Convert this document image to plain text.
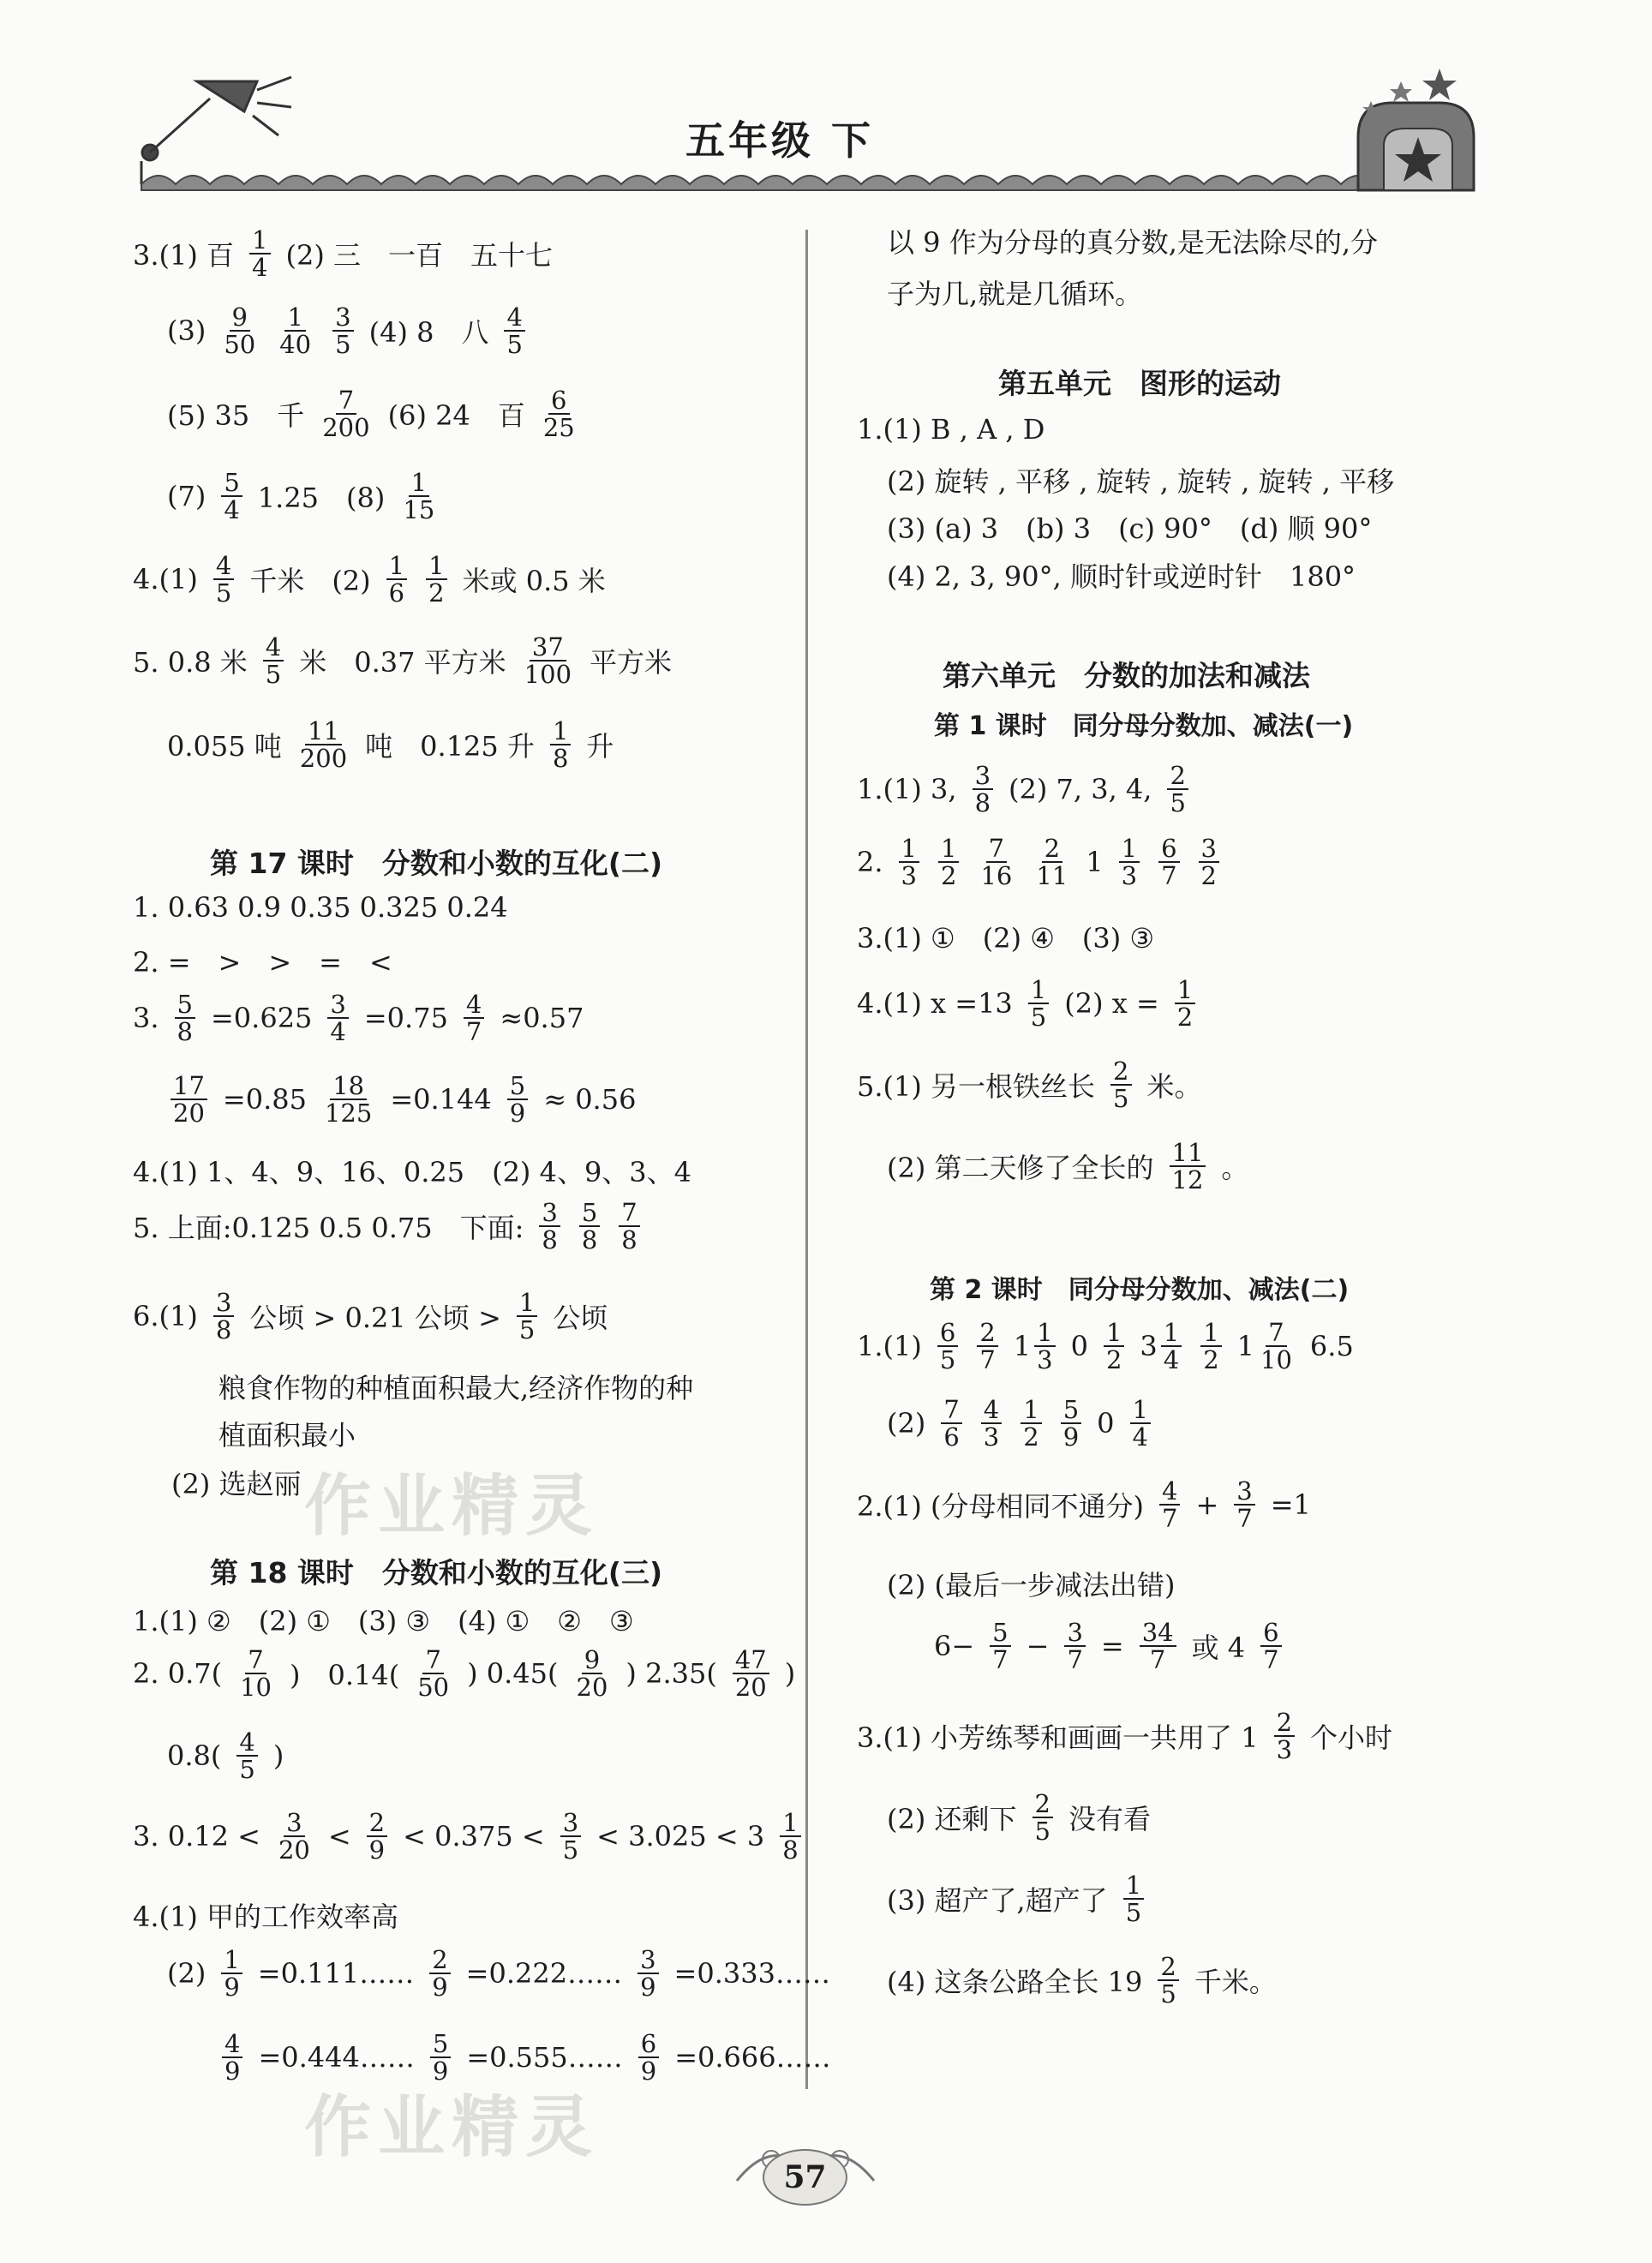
五年级 下
3.(1) 百 $\frac{1}{4} (2)$ 三　一百　五十七
$(3) \frac{9}{50} \frac{1}{40} \frac{3}{5} (4)$ 8　八 $\frac{4}{5}$
(5) 35　千 $\frac{7}{200} (6)$ 24　百 $\frac{6}{25}$
$(7) \frac{5}{4} 1.25$　$(8) \frac{1}{15}$
$4.(1) \frac{4}{5}$ 千米　$(2) \frac{1}{6} \frac{1}{2}$ 米或 0.5 米
5. 0.8 米 $\frac{4}{5}$ 米　0.37 平方米 $\frac{37}{100}$ 平方米
0.055 吨 $\frac{11}{200}$ 吨　0.125 升 $\frac{1}{8}$ 升
第 17 课时　分数和小数的互化(二)
1. 0.63 0.9 0.35 0.325 0.24
2. =　>　>　=　<
3. $\frac{5}{8} =0.625 \frac{3}{4} =0.75 \frac{4}{7} \approx 0.57$
$\frac{17}{20} =0.85 \frac{18}{125} =0.144 \frac{5}{9} \approx 0.56$
4.(1) 1、4、9、16、0.25　(2) 4、9、3、4
5. 上面:0.125 0.5 0.75　下面: $\frac{3}{8} \frac{5}{8} \frac{7}{8}$
$6.(1) \frac{3}{8}$ 公顷 > 0.21 公顷 > $\frac{1}{5}$ 公顷
粮食作物的种植面积最大,经济作物的种
植面积最小
(2) 选赵丽
第 18 课时　分数和小数的互化(三)
1.(1) ②　(2) ①　(3) ③　(4) ①　②　③
2. $0.7( \frac{7}{10}$ )　$0.14( \frac{7}{50}$ ) $0.45( \frac{9}{20}$ ) $2.35( \frac{47}{20}$ )
$0.8( \frac{4}{5}$ )
3. $0.12 < \frac{3}{20} < \frac{2}{9} < 0.375 < \frac{3}{5} < 3.025 < 3 \frac{1}{8}$
4.(1) 甲的工作效率高
$(2) \frac{1}{9}$ =0.111…… $\frac{2}{9}$ =0.222…… $\frac{3}{9}$ =0.333……
$\frac{4}{9}$ =0.444…… $\frac{5}{9}$ =0.555…… $\frac{6}{9}$ =0.666……
以 9 作为分母的真分数,是无法除尽的,分
子为几,就是几循环。
第五单元　图形的运动
1.(1) B , A , D
(2) 旋转 , 平移 , 旋转 , 旋转 , 旋转 , 平移
(3) (a) 3　(b) 3　(c) 90°　(d) 顺 90°
(4) 2, 3, 90°, 顺时针或逆时针　180°
第六单元　分数的加法和减法
第 1 课时　同分母分数加、减法(一)
1.(1) 3, $\frac{3}{8} (2)$ 7, 3, 4, $\frac{2}{5}$
2. $\frac{1}{3} \frac{1}{2} \frac{7}{16} \frac{2}{11} 1 \frac{1}{3} \frac{6}{7} \frac{3}{2}$
3.(1) ①　(2) ④　(3) ③
4.(1) $x =13 \frac{1}{5} (2) x = \frac{1}{2}$
5.(1) 另一根铁丝长 $\frac{2}{5}$ 米。
(2) 第二天修了全长的 $\frac{11}{12}$ 。
第 2 课时　同分母分数加、减法(二)
$1.(1) \frac{6}{5} \frac{2}{7} 1 \frac{1}{3} 0 \frac{1}{2} 3 \frac{1}{4} \frac{1}{2} 1 \frac{7}{10} 6.5$
$(2) \frac{7}{6} \frac{4}{3} \frac{1}{2} \frac{5}{9} 0 \frac{1}{4}$
2.(1) (分母相同不通分) $\frac{4}{7} + \frac{3}{7} =1$
(2) (最后一步减法出错)
$6- \frac{5}{7} - \frac{3}{7} = \frac{34}{7}$ 或 $4 \frac{6}{7}$
3.(1) 小芳练琴和画画一共用了 $1 \frac{2}{3}$ 个小时
(2) 还剩下 $\frac{2}{5}$ 没有看
(3) 超产了,超产了 $\frac{1}{5}$
(4) 这条公路全长 $19 \frac{2}{5}$ 千米。
作业精灵
作业精灵
57
